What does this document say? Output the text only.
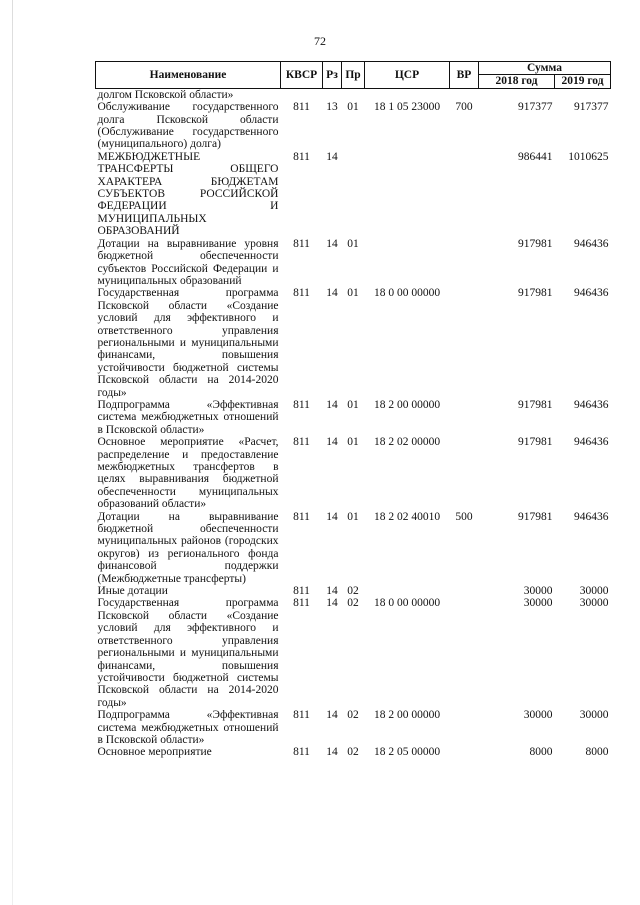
72
Наименование	КВСР	Рз	Пр	ЦСР	ВР	Сумма	
						2018 год	2019 год
долгом Псковской области»							
Обслуживание государственного долга Псковской области (Обслуживание государственного (муниципального) долга)	811	13	01	18 1 05 23000	700	917377	917377
МЕЖБЮДЖЕТНЫЕ ТРАНСФЕРТЫ ОБЩЕГО ХАРАКТЕРА БЮДЖЕТАМ СУБЪЕКТОВ РОССИЙСКОЙ ФЕДЕРАЦИИ И МУНИЦИПАЛЬНЫХ ОБРАЗОВАНИЙ	811	14				986441	1010625
Дотации на выравнивание уровня бюджетной обеспеченности субъектов Российской Федерации и муниципальных образований	811	14	01			917981	946436
Государственная программа Псковской области «Создание условий для эффективного и ответственного управления региональными и муниципальными финансами, повышения устойчивости бюджетной системы Псковской области на 2014-2020 годы»	811	14	01	18 0 00 00000		917981	946436
Подпрограмма «Эффективная система межбюджетных отношений в Псковской области»	811	14	01	18 2 00 00000		917981	946436
Основное мероприятие «Расчет, распределение и предоставление межбюджетных трансфертов в целях выравнивания бюджетной обеспеченности муниципальных образований области»	811	14	01	18 2 02 00000		917981	946436
Дотации на выравнивание бюджетной обеспеченности муниципальных районов (городских округов) из регионального фонда финансовой поддержки (Межбюджетные трансферты)	811	14	01	18 2 02 40010	500	917981	946436
Иные дотации	811	14	02			30000	30000
Государственная программа Псковской области «Создание условий для эффективного и ответственного управления региональными и муниципальными финансами, повышения устойчивости бюджетной системы Псковской области на 2014-2020 годы»	811	14	02	18 0 00 00000		30000	30000
Подпрограмма «Эффективная система межбюджетных отношений в Псковской области»	811	14	02	18 2 00 00000		30000	30000
Основное мероприятие	811	14	02	18 2 05 00000		8000	8000
